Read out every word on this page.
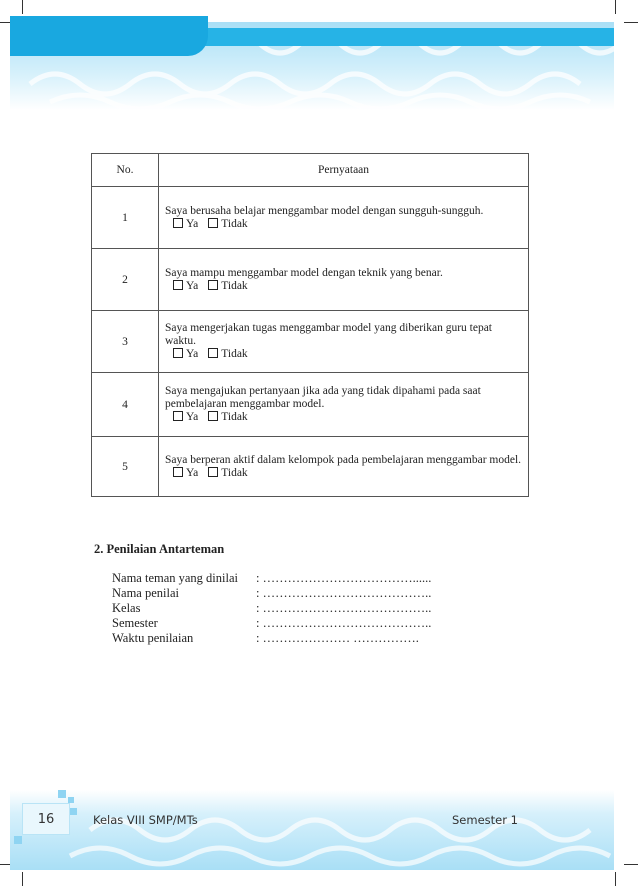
No.	Pernyataan
1	Saya berusaha belajar menggambar model dengan sungguh-sungguh.
Ya Tidak

2	Saya mampu menggambar model dengan teknik yang benar.
Ya Tidak

3	Saya mengerjakan tugas menggambar model yang diberikan guru tepat waktu.
Ya Tidak

4	Saya mengajukan pertanyaan jika ada yang tidak dipahami pada saat
pembelajaran menggambar model.
Ya Tidak

5	Saya berperan aktif dalam kelompok pada pembelajaran menggambar model.
Ya Tidak
2. Penilaian Antarteman
Nama teman yang dinilai	: ………………………………......
Nama penilai	: …………………………………..
Kelas	: …………………………………..
Semester	: …………………………………..
Waktu penilaian	: ………………… …………….
16	Kelas VIII SMP/MTs	Semester 1
